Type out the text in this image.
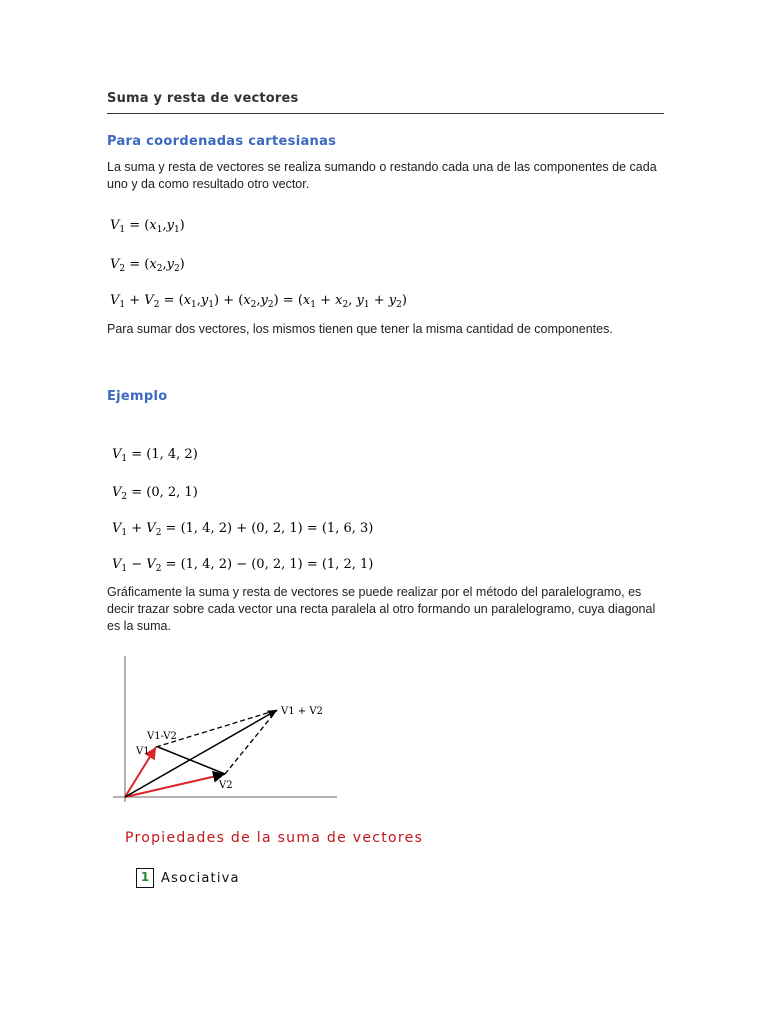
Suma y resta de vectores
Para coordenadas cartesianas
La suma y resta de vectores se realiza sumando o restando cada una de las componentes de cada uno y da como resultado otro vector.
$V_1 = (x_1,y_1)$
$V_2 = (x_2,y_2)$
$V_1 + V_2 = (x_1,y_1) + (x_2,y_2) = (x_1 + x_2$, $y_1 + y_2$)
Para sumar dos vectores, los mismos tienen que tener la misma cantidad de componentes.
Ejemplo
$V_1 = (1$, 4, 2)
$V_2 = (0$, 2, 1)
$V_1 + V_2 = (1$, 4, 2) + (0, 2, 1) = (1, 6, 3)
$V_1 - V_2 = (1$, 4, 2) − (0, 2, 1) = (1, 2, 1)
Gráficamente la suma y resta de vectores se puede realizar por el método del paralelogramo, es decir trazar sobre cada vector una recta paralela al otro formando un paralelogramo, cuya diagonal es la suma.
V1
V2
V1-V2
V1 + V2
Propiedades de la suma de vectores
1 Asociativa
